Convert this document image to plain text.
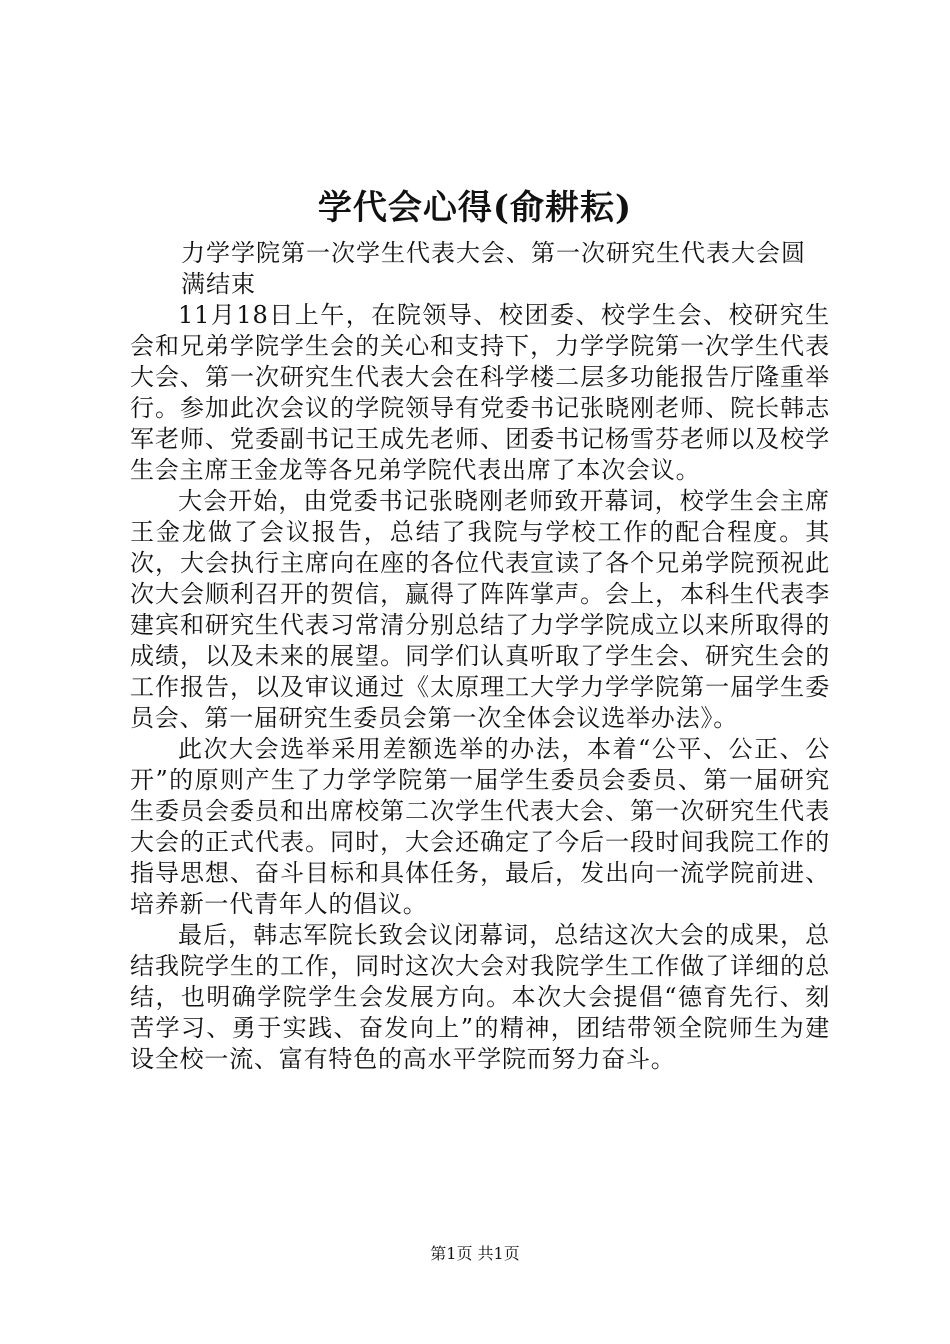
学代会心得(俞耕耘)
力学学院第一次学生代表大会、第一次研究生代表大会圆满结束

11月18日上午，在院领导、校团委、校学生会、校研究生会和兄弟学院学生会的关心和支持下，力学学院第一次学生代表大会、第一次研究生代表大会在科学楼二层多功能报告厅隆重举行。参加此次会议的学院领导有党委书记张晓刚老师、院长韩志军老师、党委副书记王成先老师、团委书记杨雪芬老师以及校学生会主席王金龙等各兄弟学院代表出席了本次会议。

大会开始，由党委书记张晓刚老师致开幕词，校学生会主席王金龙做了会议报告，总结了我院与学校工作的配合程度。其次，大会执行主席向在座的各位代表宣读了各个兄弟学院预祝此次大会顺利召开的贺信，赢得了阵阵掌声。会上，本科生代表李建宾和研究生代表习常清分别总结了力学学院成立以来所取得的成绩，以及未来的展望。同学们认真听取了学生会、研究生会的工作报告，以及审议通过《太原理工大学力学学院第一届学生委员会、第一届研究生委员会第一次全体会议选举办法》。

此次大会选举采用差额选举的办法，本着“公平、公正、公开”的原则产生了力学学院第一届学生委员会委员、第一届研究生委员会委员和出席校第二次学生代表大会、第一次研究生代表大会的正式代表。同时，大会还确定了今后一段时间我院工作的指导思想、奋斗目标和具体任务，最后，发出向一流学院前进、培养新一代青年人的倡议。

最后，韩志军院长致会议闭幕词，总结这次大会的成果，总结我院学生的工作，同时这次大会对我院学生工作做了详细的总结，也明确学院学生会发展方向。本次大会提倡“德育先行、刻苦学习、勇于实践、奋发向上”的精神，团结带领全院师生为建设全校一流、富有特色的高水平学院而努力奋斗。

第1页 共1页
